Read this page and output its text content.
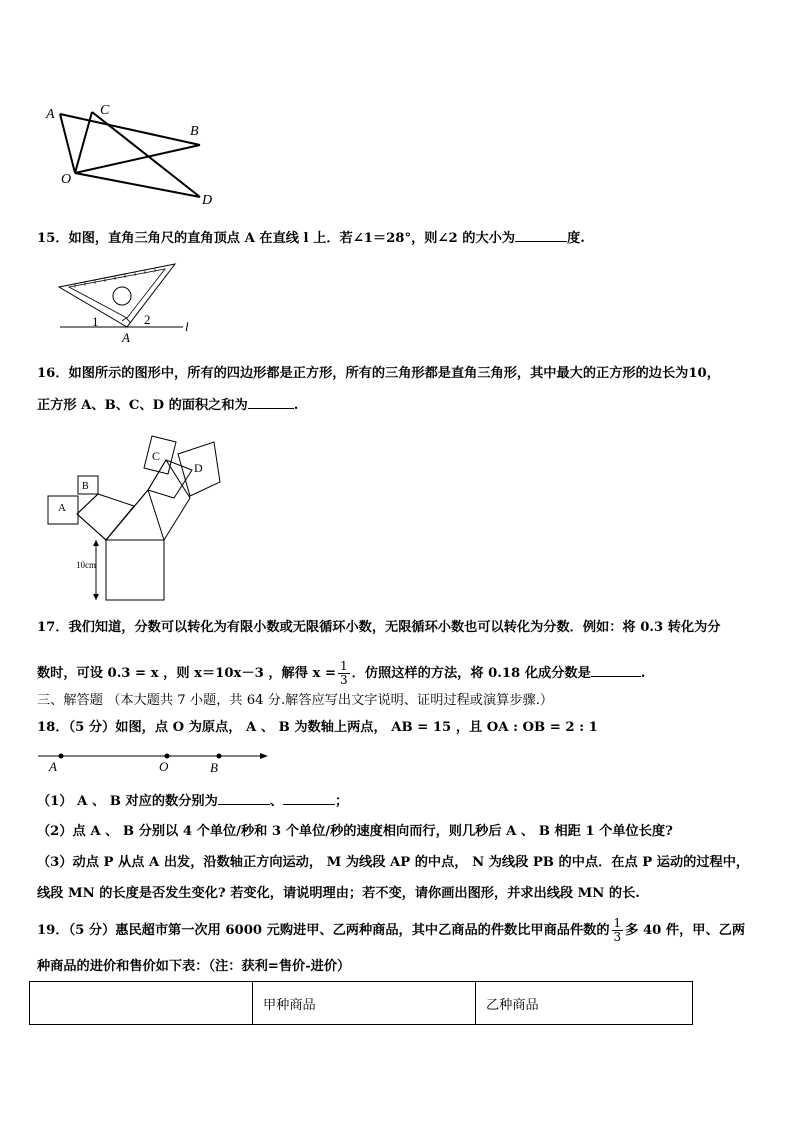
A	C
B
O
D
15．如图，直角三角尺的直角顶点 A 在直线 l 上．若∠1＝28°，则∠2 的大小为	度.
1	2
A
l
16．如图所示的图形中，所有的四边形都是正方形，所有的三角形都是直角三角形，其中最大的正方形的边长为10，
正方形 A、B、C、D 的面积之和为	.
A
B
C
D
10cm
17．我们知道，分数可以转化为有限小数或无限循环小数，无限循环小数也可以转化为分数．例如：将 0.3 转化为分
数时，可设 0.3 = x ，则 x＝10x－3 ，解得 $x = \frac{1}{3}$ ．仿照这样的方法，将 0.18 化成分数是	.
三、解答题 （本大题共 7 小题，共 64 分.解答应写出文字说明、证明过程或演算步骤.）
18．（5 分）如图，点 O 为原点， A 、 B 为数轴上两点， AB = 15 ，且 OA : OB = 2 : 1
A	O	B
（1） A 、 B 对应的数分别为	、	；
（2）点 A 、 B 分别以 4 个单位/秒和 3 个单位/秒的速度相向而行，则几秒后 A 、 B 相距 1 个单位长度?
（3）动点 P 从点 A 出发，沿数轴正方向运动， M 为线段 AP 的中点， N 为线段 PB 的中点．在点 P 运动的过程中，
线段 MN 的长度是否发生变化? 若变化，请说明理由；若不变，请你画出图形，并求出线段 MN 的长.
19．（5 分）惠民超市第一次用 6000 元购进甲、乙两种商品，其中乙商品的件数比甲商品件数的 $\frac{1}{3}$ 多 40 件，甲、乙两
种商品的进价和售价如下表：（注：获利=售价-进价）
	甲种商品	乙种商品
